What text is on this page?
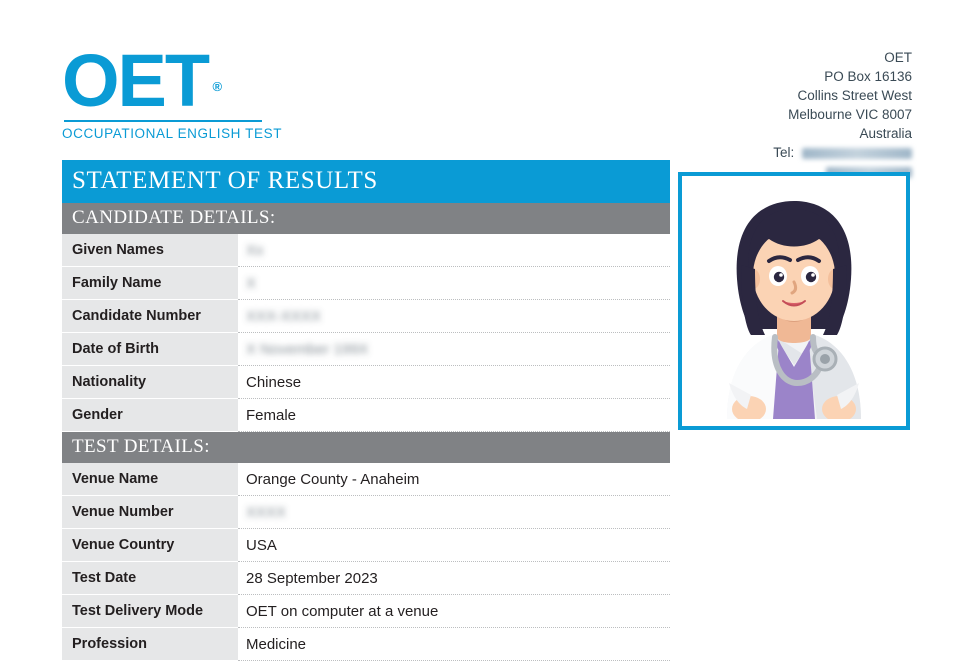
OET ®
OCCUPATIONAL ENGLISH TEST
OET
PO Box 16136
Collins Street West
Melbourne VIC 8007
Australia
Tel:
STATEMENT OF RESULTS
CANDIDATE DETAILS:
Given Names	Xx
Family Name	X
Candidate Number	XXX-XXXX
Date of Birth	X November 199X
Nationality	Chinese
Gender	Female
TEST DETAILS:
Venue Name	Orange County - Anaheim
Venue Number	XXXX
Venue Country	USA
Test Date	28 September 2023
Test Delivery Mode	OET on computer at a venue
Profession	Medicine
